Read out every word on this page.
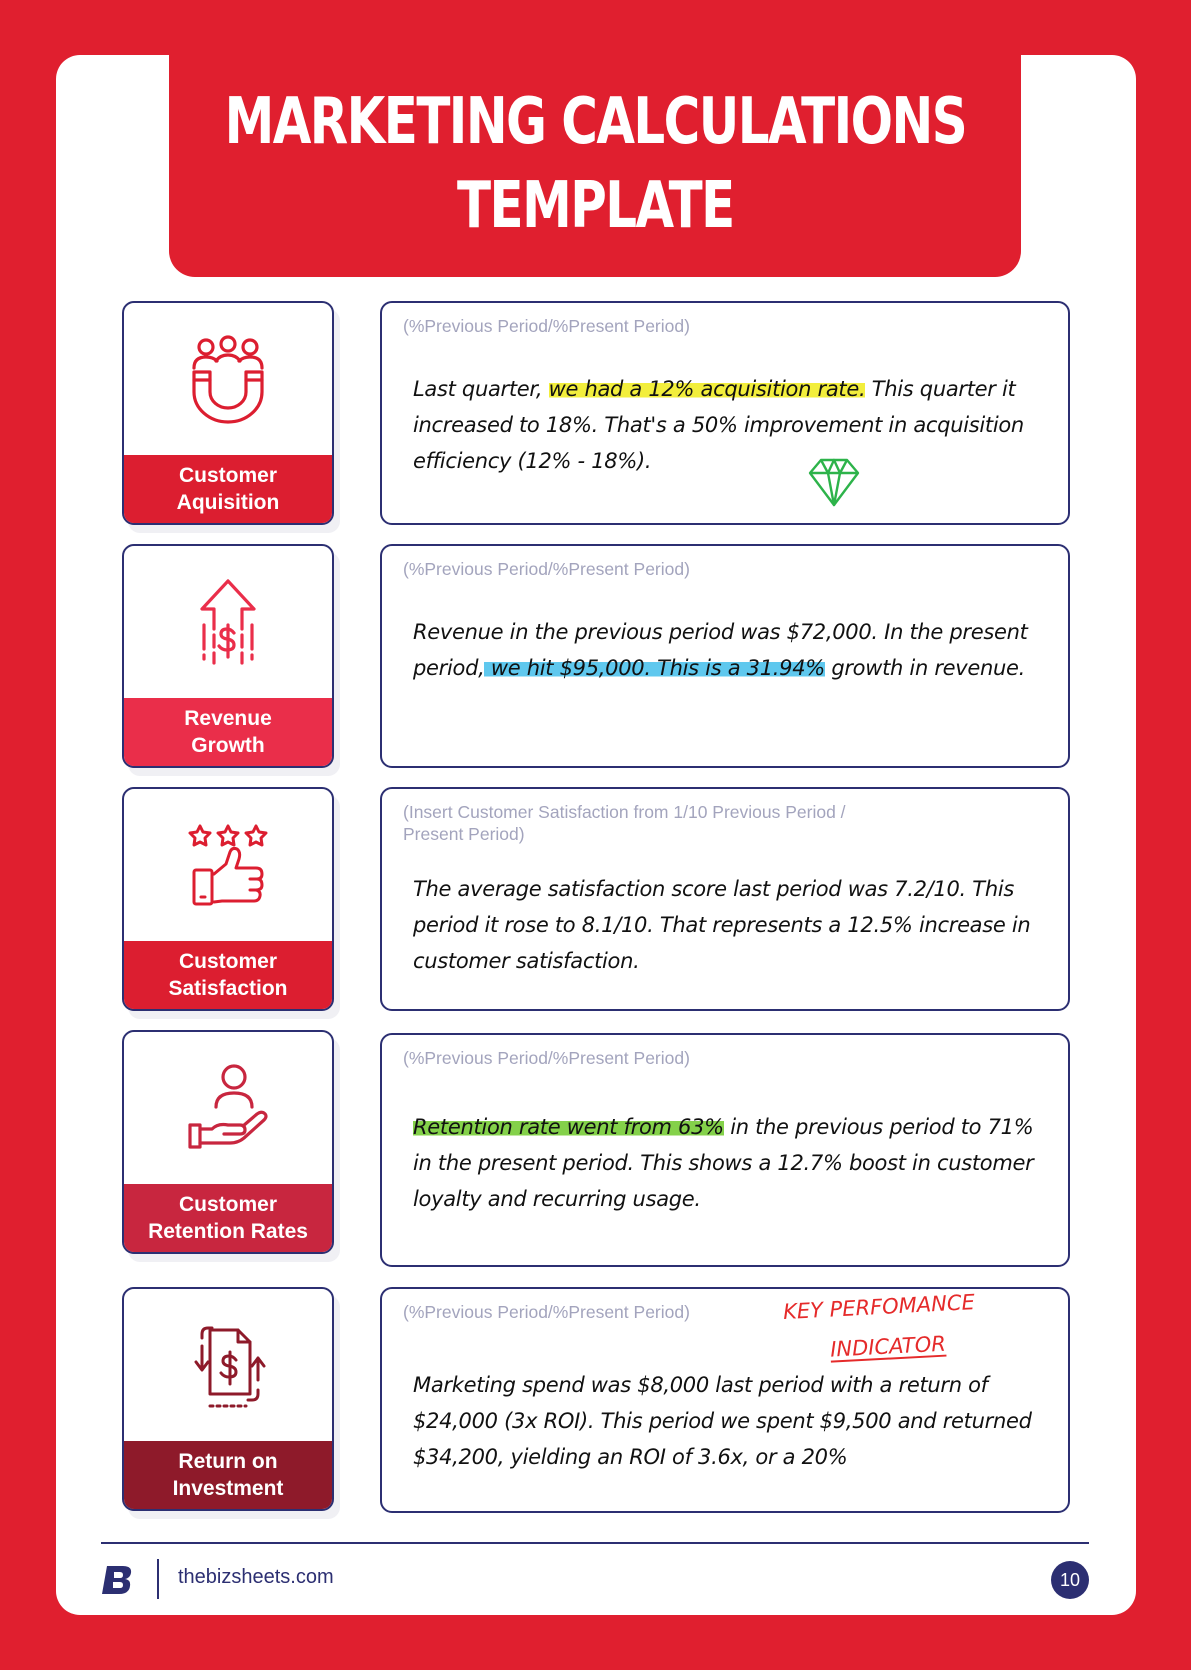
MARKETING CALCULATIONS
TEMPLATE
Customer
Aquisition
(%Previous Period/%Present Period)
Last quarter, we had a 12% acquisition rate. This quarter it increased to 18%. That's a 50% improvement in acquisition efficiency (12% - 18%).
Revenue
Growth
(%Previous Period/%Present Period)
Revenue in the previous period was $72,000. In the present period, we hit $95,000. This is a 31.94% growth in revenue.
Customer
Satisfaction
(Insert Customer Satisfaction from 1/10 Previous Period / Present Period)
The average satisfaction score last period was 7.2/10. This period it rose to 8.1/10. That represents a 12.5% increase in customer satisfaction.
Customer
Retention Rates
(%Previous Period/%Present Period)
Retention rate went from 63% in the previous period to 71% in the present period. This shows a 12.7% boost in customer loyalty and recurring usage.
Return on
Investment
(%Previous Period/%Present Period)
Marketing spend was $8,000 last period with a return of $24,000 (3x ROI). This period we spent $9,500 and returned $34,200, yielding an ROI of 3.6x, or a 20%
KEY PERFOMANCE
INDICATOR
thebizsheets.com	10
